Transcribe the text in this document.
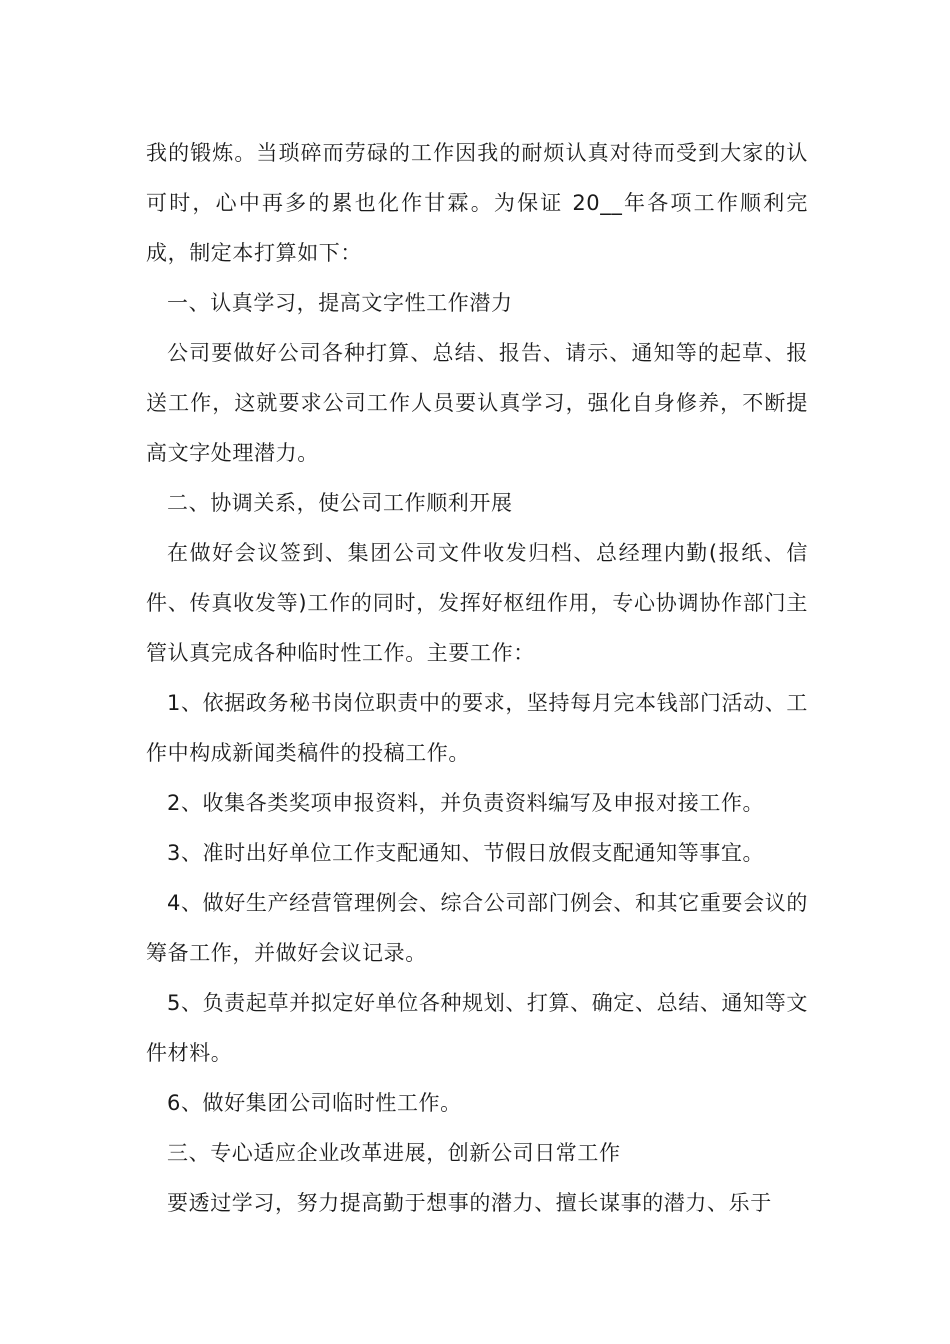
我的锻炼。当琐碎而劳碌的工作因我的耐烦认真对待而受到大家的认可时，心中再多的累也化作甘霖。为保证 20__年各项工作顺利完成，制定本打算如下：

一、认真学习，提高文字性工作潜力

公司要做好公司各种打算、总结、报告、请示、通知等的起草、报送工作，这就要求公司工作人员要认真学习，强化自身修养，不断提高文字处理潜力。

二、协调关系，使公司工作顺利开展

在做好会议签到、集团公司文件收发归档、总经理内勤(报纸、信件、传真收发等)工作的同时，发挥好枢纽作用，专心协调协作部门主管认真完成各种临时性工作。主要工作：

1、依据政务秘书岗位职责中的要求，坚持每月完本钱部门活动、工作中构成新闻类稿件的投稿工作。

2、收集各类奖项申报资料，并负责资料编写及申报对接工作。

3、准时出好单位工作支配通知、节假日放假支配通知等事宜。

4、做好生产经营管理例会、综合公司部门例会、和其它重要会议的筹备工作，并做好会议记录。

5、负责起草并拟定好单位各种规划、打算、确定、总结、通知等文件材料。

6、做好集团公司临时性工作。

三、专心适应企业改革进展，创新公司日常工作

要透过学习，努力提高勤于想事的潜力、擅长谋事的潜力、乐于
